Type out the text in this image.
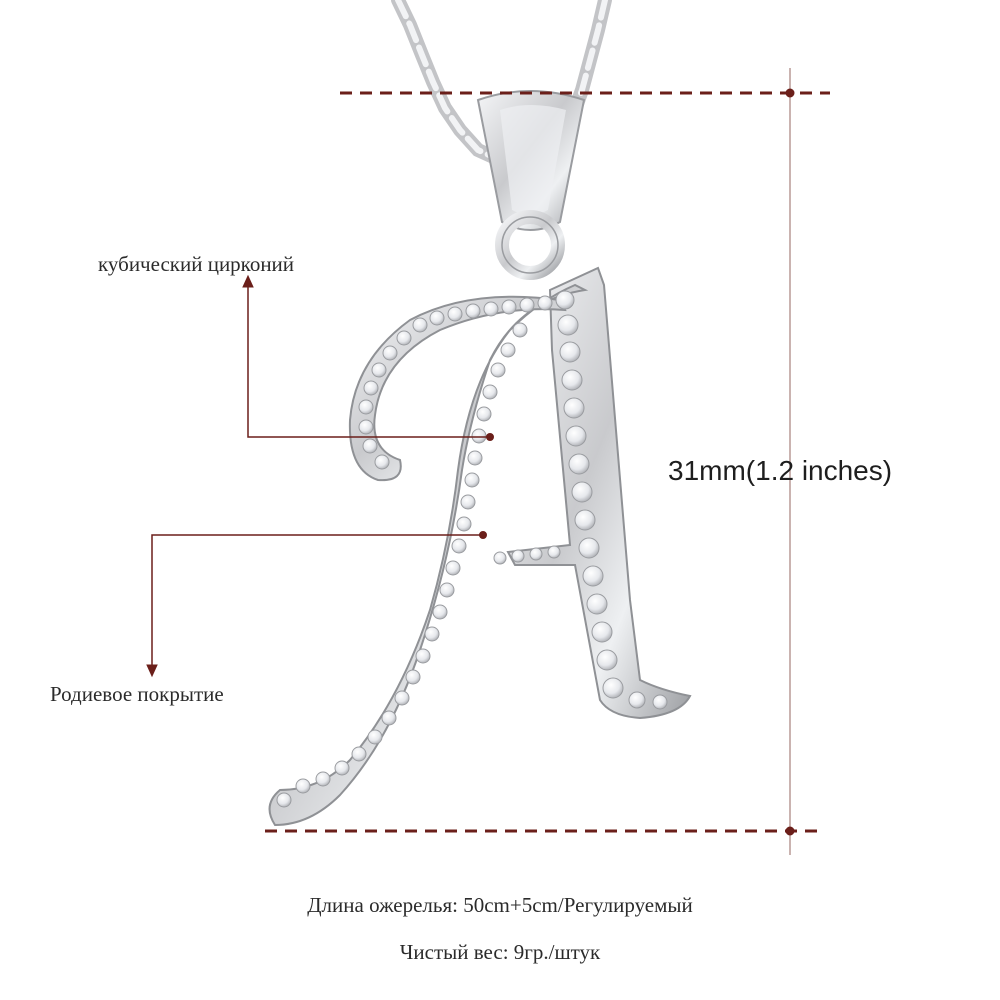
кубический цирконий
Родиевое покрытие
31mm(1.2 inches)
Длина ожерелья: 50cm+5cm/Регулируемый
Чистый вес: 9гр./штук
